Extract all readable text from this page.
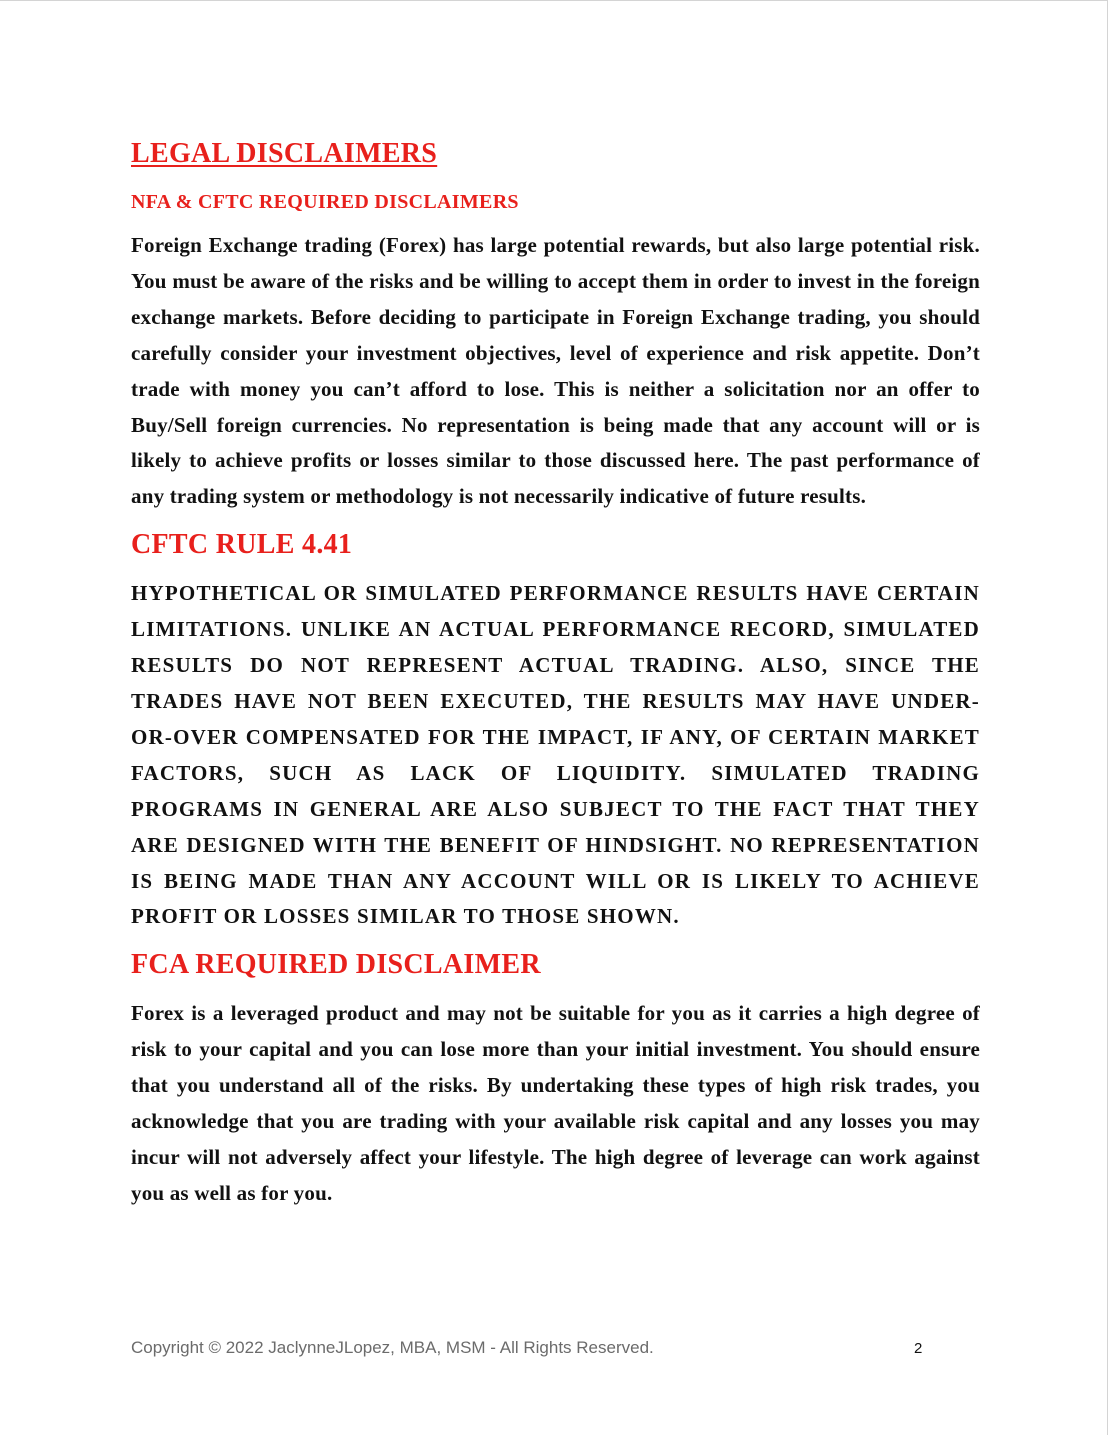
LEGAL DISCLAIMERS
NFA & CFTC REQUIRED DISCLAIMERS

Foreign Exchange trading (Forex) has large potential rewards, but also large potential risk. You must be aware of the risks and be willing to accept them in order to invest in the foreign exchange markets. Before deciding to participate in Foreign Exchange trading, you should carefully consider your investment objectives, level of experience and risk appetite. Don’t trade with money you can’t afford to lose. This is neither a solicitation nor an offer to Buy/Sell foreign currencies. No representation is being made that any account will or is likely to achieve profits or losses similar to those discussed here. The past performance of any trading system or methodology is not necessarily indicative of future results.

CFTC RULE 4.41

HYPOTHETICAL OR SIMULATED PERFORMANCE RESULTS HAVE CERTAIN LIMITATIONS. UNLIKE AN ACTUAL PERFORMANCE RECORD, SIMULATED RESULTS DO NOT REPRESENT ACTUAL TRADING. ALSO, SINCE THE TRADES HAVE NOT BEEN EXECUTED, THE RESULTS MAY HAVE UNDER-OR-OVER COMPENSATED FOR THE IMPACT, IF ANY, OF CERTAIN MARKET FACTORS, SUCH AS LACK OF LIQUIDITY. SIMULATED TRADING PROGRAMS IN GENERAL ARE ALSO SUBJECT TO THE FACT THAT THEY ARE DESIGNED WITH THE BENEFIT OF HINDSIGHT. NO REPRESENTATION IS BEING MADE THAN ANY ACCOUNT WILL OR IS LIKELY TO ACHIEVE PROFIT OR LOSSES SIMILAR TO THOSE SHOWN.

FCA REQUIRED DISCLAIMER

Forex is a leveraged product and may not be suitable for you as it carries a high degree of risk to your capital and you can lose more than your initial investment. You should ensure that you understand all of the risks. By undertaking these types of high risk trades, you acknowledge that you are trading with your available risk capital and any losses you may incur will not adversely affect your lifestyle. The high degree of leverage can work against you as well as for you.

Copyright © 2022 JaclynneJLopez, MBA, MSM - All Rights Reserved.	2
